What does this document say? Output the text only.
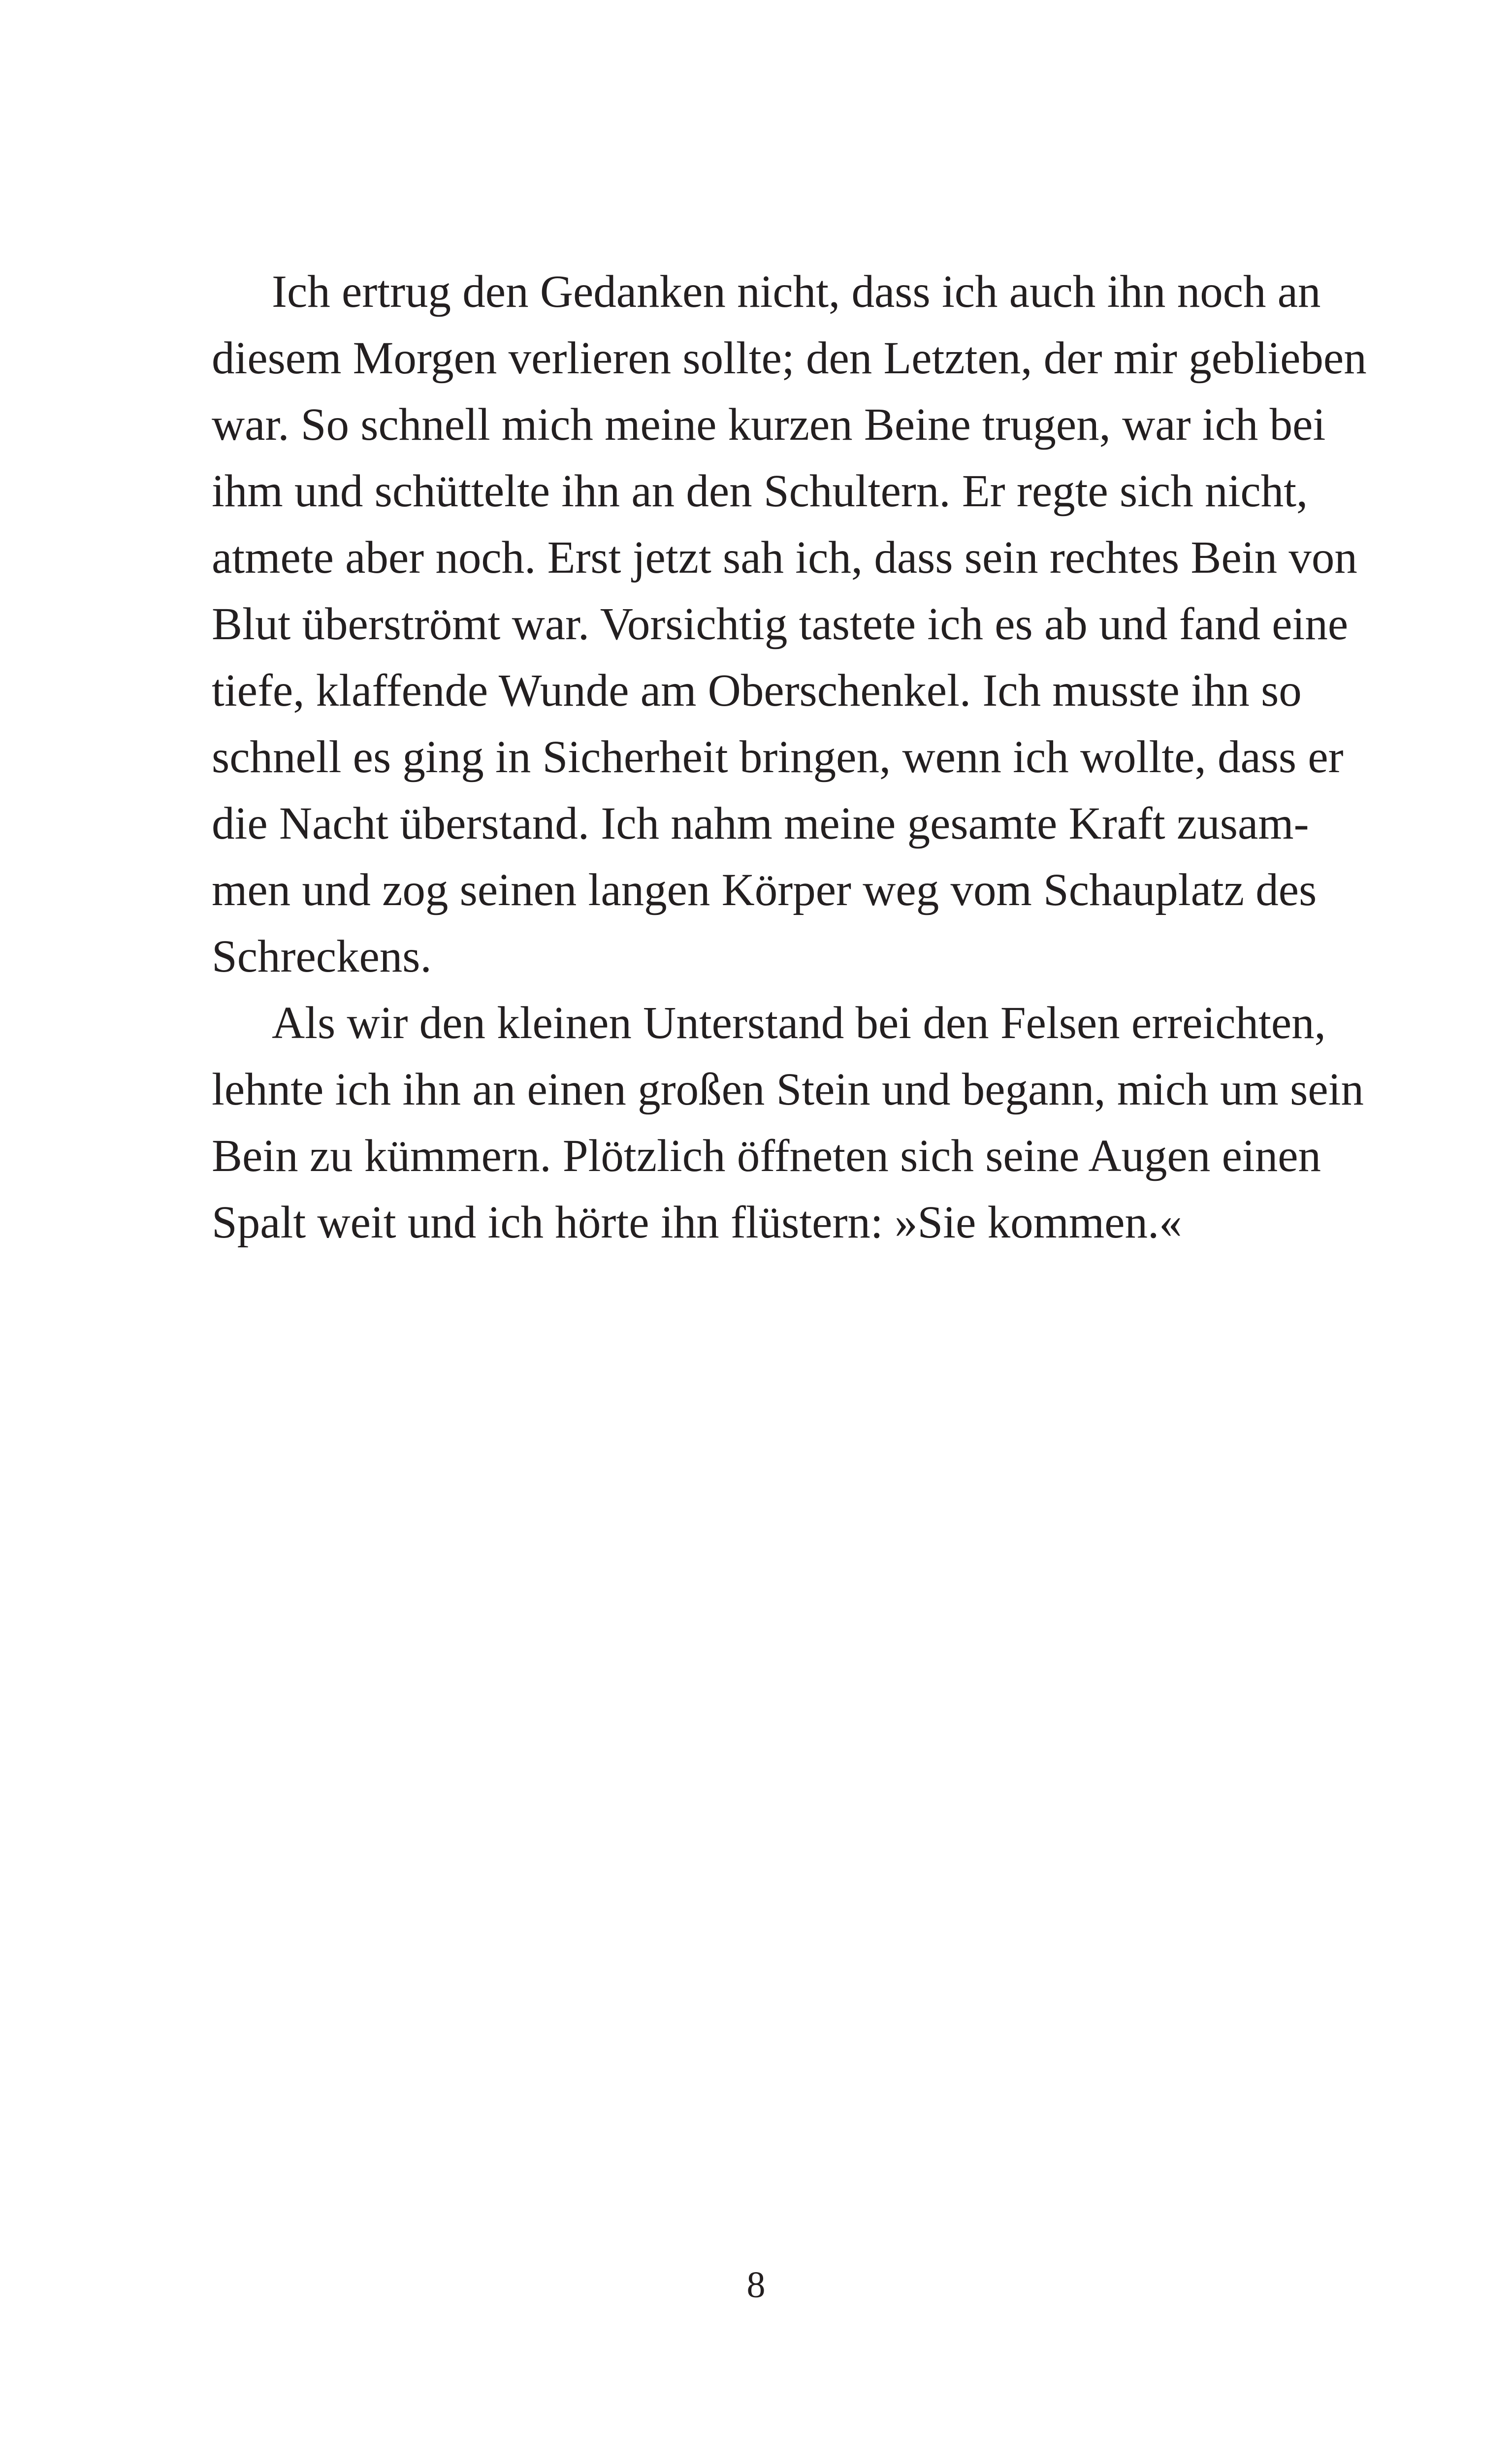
Ich ertrug den Gedanken nicht, dass ich auch ihn noch an
diesem Morgen verlieren sollte; den Letzten, der mir geblieben
war. So schnell mich meine kurzen Beine trugen, war ich bei
ihm und schüttelte ihn an den Schultern. Er regte sich nicht,
atmete aber noch. Erst jetzt sah ich, dass sein rechtes Bein von
Blut überströmt war. Vorsichtig tastete ich es ab und fand eine
tiefe, klaffende Wunde am Oberschenkel. Ich musste ihn so
schnell es ging in Sicherheit bringen, wenn ich wollte, dass er
die Nacht überstand. Ich nahm meine gesamte Kraft zusam-
men und zog seinen langen Körper weg vom Schauplatz des
Schreckens.
Als wir den kleinen Unterstand bei den Felsen erreichten,
lehnte ich ihn an einen großen Stein und begann, mich um sein
Bein zu kümmern. Plötzlich öffneten sich seine Augen einen
Spalt weit und ich hörte ihn flüstern: »Sie kommen.«
8
